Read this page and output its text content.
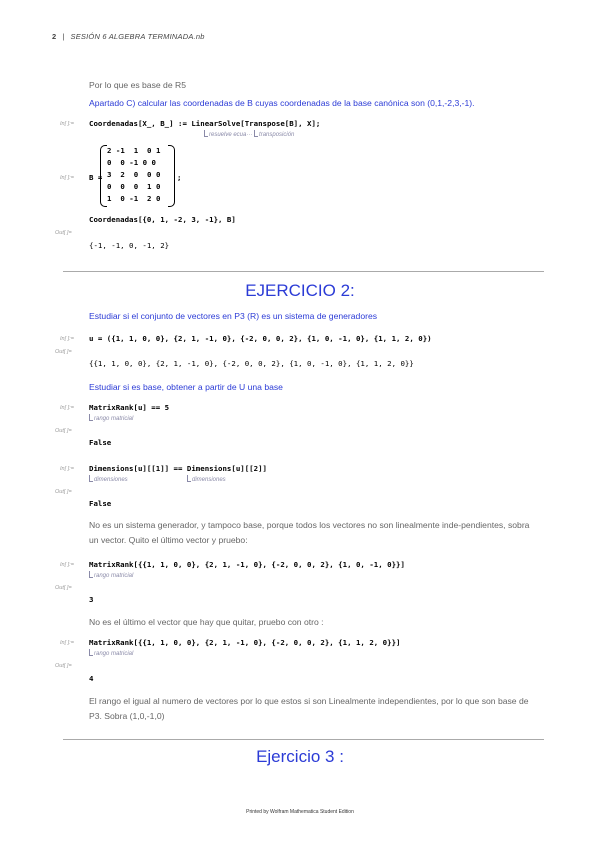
2 | SESIÓN 6 ALGEBRA TERMINADA.nb
Por lo que es base de R5
Apartado C) calcular las coordenadas de B cuyas coordenadas de la base canónica son (0,1,-2,3,-1).
In[ ]:= Coordenadas[X_, B_] := LinearSolve[Transpose[B], X];
resuelve ecua··· transposición
In[ ]:= B =
2 -1  1  0 1
0  0 -1 0 0
3  2  0  0 0
0  0  0  1 0
1  0 -1  2 0
;
Coordenadas[{0, 1, -2, 3, -1}, B]
Out[ ]=
{-1, -1, 0, -1, 2}
EJERCICIO 2:
Estudiar si el conjunto de vectores en P3 (R) es un sistema de generadores
In[ ]:= u = ({1, 1, 0, 0}, {2, 1, -1, 0}, {-2, 0, 0, 2}, {1, 0, -1, 0}, {1, 1, 2, 0})
Out[ ]=
{{1, 1, 0, 0}, {2, 1, -1, 0}, {-2, 0, 0, 2}, {1, 0, -1, 0}, {1, 1, 2, 0}}
Estudiar si es base, obtener a partir de U una base
In[ ]:= MatrixRank[u] == 5
rango matricial
Out[ ]=
False
In[ ]:= Dimensions[u][[1]] == Dimensions[u][[2]]
dimensiones	dimensiones
Out[ ]=
False
No es un sistema generador, y tampoco base, porque todos los vectores no son linealmente inde-pendientes, sobra un vector. Quito el último vector y pruebo:
In[ ]:= MatrixRank[{{1, 1, 0, 0}, {2, 1, -1, 0}, {-2, 0, 0, 2}, {1, 0, -1, 0}}]
rango matricial
Out[ ]=
3
No es el último el vector que hay que quitar, pruebo con otro :
In[ ]:= MatrixRank[{{1, 1, 0, 0}, {2, 1, -1, 0}, {-2, 0, 0, 2}, {1, 1, 2, 0}}]
rango matricial
Out[ ]=
4
El rango el igual al numero de vectores por lo que estos si son Linealmente independientes, por lo que son base de P3. Sobra (1,0,-1,0)
Ejercicio 3 :
Printed by Wolfram Mathematica Student Edition
